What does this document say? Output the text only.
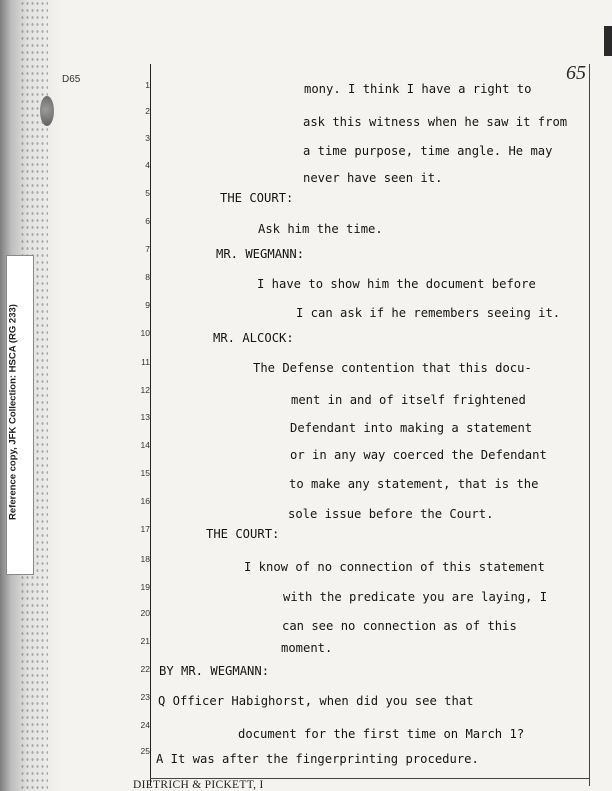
Reference copy, JFK Collection: HSCA (RG 233)
D65	65
1
2
3
4
5
6
7
8
9
10
11
12
13
14
15
16
17
18
19
20
21
22
23
24
25
mony. I think I have a right to
ask this witness when he saw it from
a time purpose, time angle. He may
never have seen it.
THE COURT:
Ask him the time.
MR. WEGMANN:
I have to show him the document before
I can ask if he remembers seeing it.
MR. ALCOCK:
The Defense contention that this docu-
ment in and of itself frightened
Defendant into making a statement
or in any way coerced the Defendant
to make any statement, that is the
sole issue before the Court.
THE COURT:
I know of no connection of this statement
with the predicate you are laying, I
can see no connection as of this
moment.
BY MR. WEGMANN:
Q Officer Habighorst, when did you see that
document for the first time on March 1?
A It was after the fingerprinting procedure.
DIETRICH & PICKETT, I
